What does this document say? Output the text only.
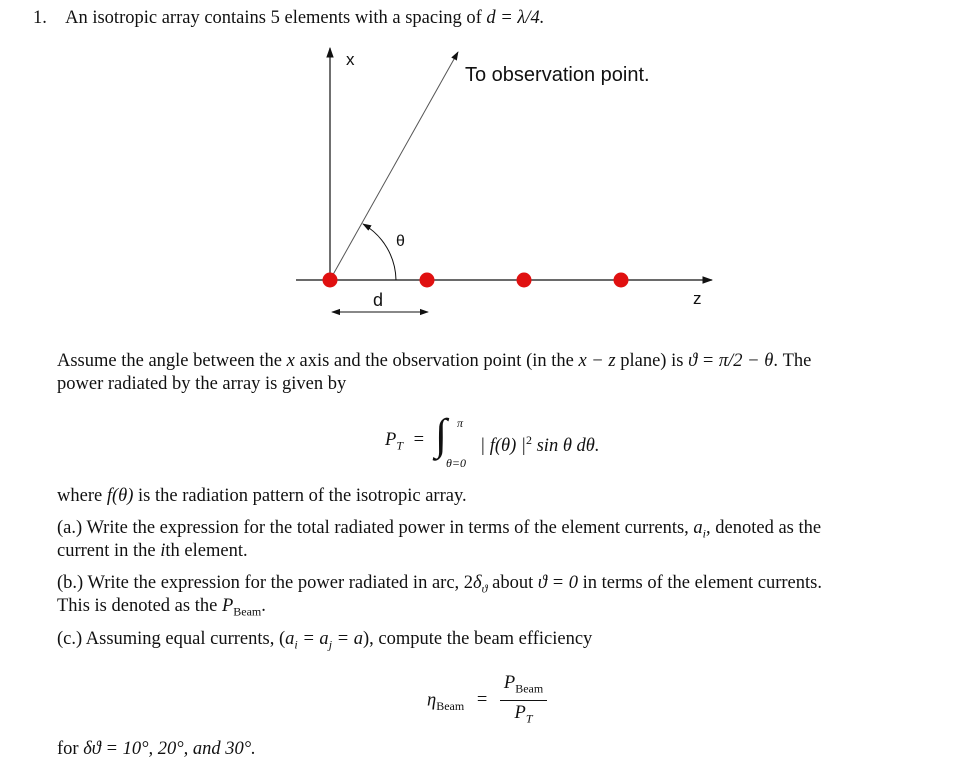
1. An isotropic array contains 5 elements with a spacing of d = λ/4.
x
To observation point.
θ
d	z
Assume the angle between the x axis and the observation point (in the x − z plane) is ϑ = π/2 − θ. The
power radiated by the array is given by
$P_T$ = ∫ π
θ=0
| f(θ) $|^2$ sin θ dθ.
where f(θ) is the radiation pattern of the isotropic array.
(a.) Write the expression for the total radiated power in terms of the element currents, $a_i$, denoted as the
current in the ith element.
(b.) Write the expression for the power radiated in arc, $2\delta_ϑ$ about ϑ = 0 in terms of the element currents.
This is denoted as the $P_{Beam}$.
(c.) Assuming equal currents, $(a_i = a_j = a)$, compute the beam efficiency
$\eta_{Beam} = \frac{P_{Beam}}{P_T}$
for δϑ = 10°, 20°, and 30°.
